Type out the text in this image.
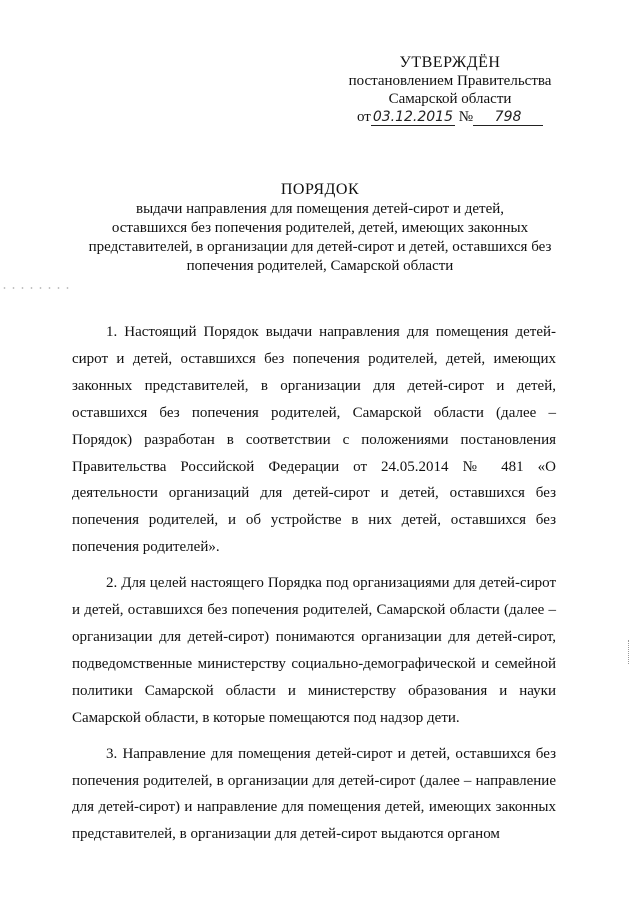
УТВЕРЖДЁН
постановлением Правительства
Самарской области
от 03.12.2015 № 798
ПОРЯДОК
выдачи направления для помещения детей-сирот и детей,
оставшихся без попечения родителей, детей, имеющих законных
представителей, в организации для детей-сирот и детей, оставшихся без
попечения родителей, Самарской области

1. Настоящий Порядок выдачи направления для помещения детей-сирот и детей, оставшихся без попечения родителей, детей, имеющих законных представителей, в организации для детей-сирот и детей, оставшихся без попечения родителей, Самарской области (далее – Порядок) разработан в соответствии с положениями постановления Правительства Российской Федерации от 24.05.2014 № 481 «О деятельности организаций для детей-сирот и детей, оставшихся без попечения родителей, и об устройстве в них детей, оставшихся без попечения родителей».

2. Для целей настоящего Порядка под организациями для детей-сирот и детей, оставшихся без попечения родителей, Самарской области (далее – организации для детей-сирот) понимаются организации для детей-сирот, подведомственные министерству социально-демографической и семейной политики Самарской области и министерству образования и науки Самарской области, в которые помещаются под надзор дети.

3. Направление для помещения детей-сирот и детей, оставшихся без попечения родителей, в организации для детей-сирот (далее – направление для детей-сирот) и направление для помещения детей, имеющих законных представителей, в организации для детей-сирот выдаются органом
